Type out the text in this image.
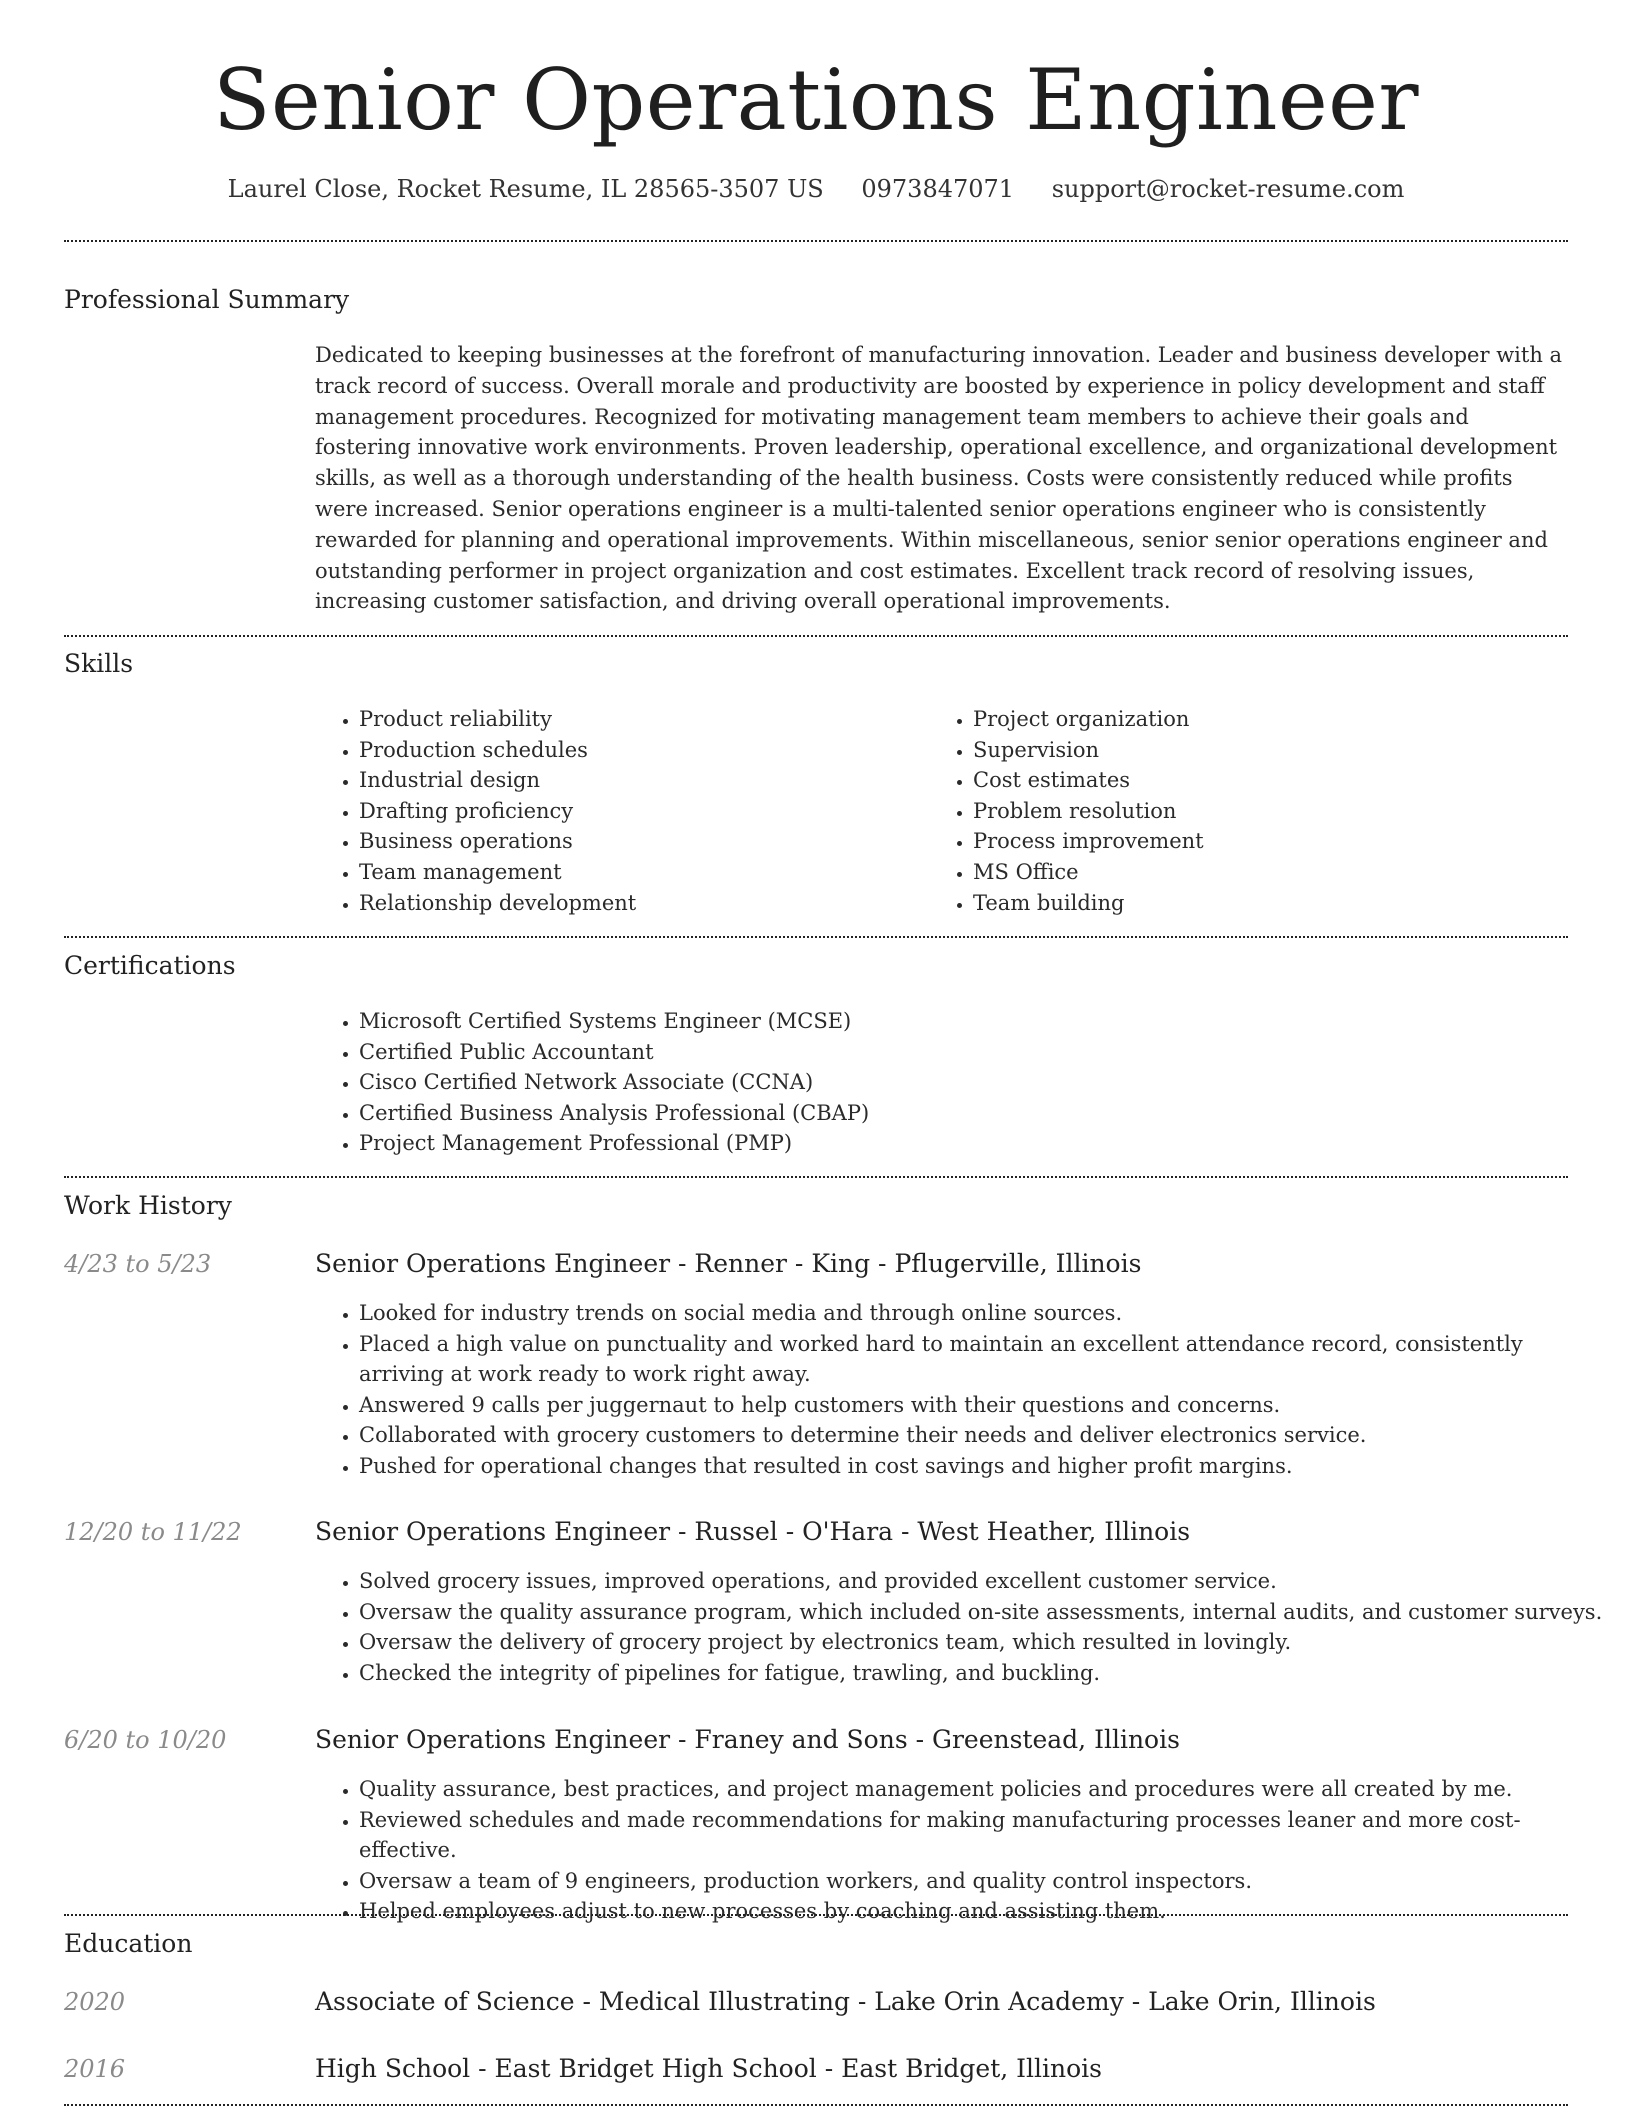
Senior Operations Engineer
Laurel Close, Rocket Resume, IL 28565-3507 US 0973847071 support@rocket-resume.com
Professional Summary
Dedicated to keeping businesses at the forefront of manufacturing innovation. Leader and business developer with a track record of success. Overall morale and productivity are boosted by experience in policy development and staff management procedures. Recognized for motivating management team members to achieve their goals and fostering innovative work environments. Proven leadership, operational excellence, and organizational development skills, as well as a thorough understanding of the health business. Costs were consistently reduced while profits were increased. Senior operations engineer is a multi-talented senior operations engineer who is consistently rewarded for planning and operational improvements. Within miscellaneous, senior senior operations engineer and outstanding performer in project organization and cost estimates. Excellent track record of resolving issues, increasing customer satisfaction, and driving overall operational improvements.
Skills
• Product reliability
• Production schedules
• Industrial design
• Drafting proficiency
• Business operations
• Team management
• Relationship development
• Project organization
• Supervision
• Cost estimates
• Problem resolution
• Process improvement
• MS Office
• Team building
Certifications
• Microsoft Certified Systems Engineer (MCSE)
• Certified Public Accountant
• Cisco Certified Network Associate (CCNA)
• Certified Business Analysis Professional (CBAP)
• Project Management Professional (PMP)
Work History
4/23 to 5/23	Senior Operations Engineer - Renner - King - Pflugerville, Illinois
• Looked for industry trends on social media and through online sources.
• Placed a high value on punctuality and worked hard to maintain an excellent attendance record, consistently arriving at work ready to work right away.
• Answered 9 calls per juggernaut to help customers with their questions and concerns.
• Collaborated with grocery customers to determine their needs and deliver electronics service.
• Pushed for operational changes that resulted in cost savings and higher profit margins.
12/20 to 11/22	Senior Operations Engineer - Russel - O'Hara - West Heather, Illinois
• Solved grocery issues, improved operations, and provided excellent customer service.
• Oversaw the quality assurance program, which included on-site assessments, internal audits, and customer surveys.
• Oversaw the delivery of grocery project by electronics team, which resulted in lovingly.
• Checked the integrity of pipelines for fatigue, trawling, and buckling.
6/20 to 10/20	Senior Operations Engineer - Franey and Sons - Greenstead, Illinois
• Quality assurance, best practices, and project management policies and procedures were all created by me.
• Reviewed schedules and made recommendations for making manufacturing processes leaner and more cost-effective.
• Oversaw a team of 9 engineers, production workers, and quality control inspectors.
• Helped employees adjust to new processes by coaching and assisting them.
Education
2020	Associate of Science - Medical Illustrating - Lake Orin Academy - Lake Orin, Illinois
2016	High School - East Bridget High School - East Bridget, Illinois
